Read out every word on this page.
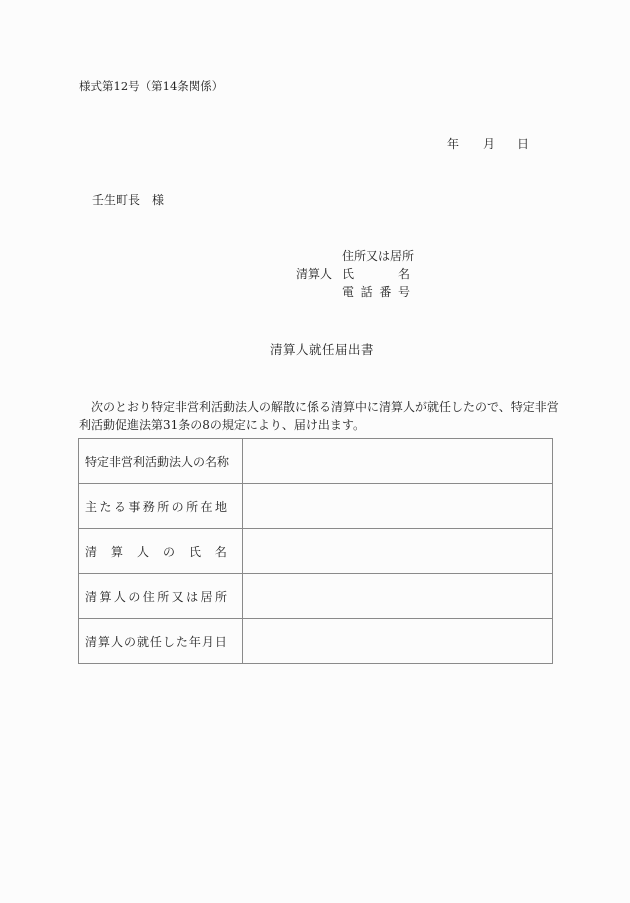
様式第12号（第14条関係）
年 月 日
壬生町長 様
清算人
住所又は居所
氏	名
電 話 番 号
清算人就任届出書
次のとおり特定非営利活動法人の解散に係る清算中に清算人が就任したので、特定非営利活動促進法第31条の8の規定により、届け出ます。
特定非営利活動法人の名称	

主 た る 事 務 所 の 所 在 地

清 算 人 の 氏 名

清 算 人 の 住 所 又 は 居 所

清 算 人 の 就 任 し た 年 月 日
